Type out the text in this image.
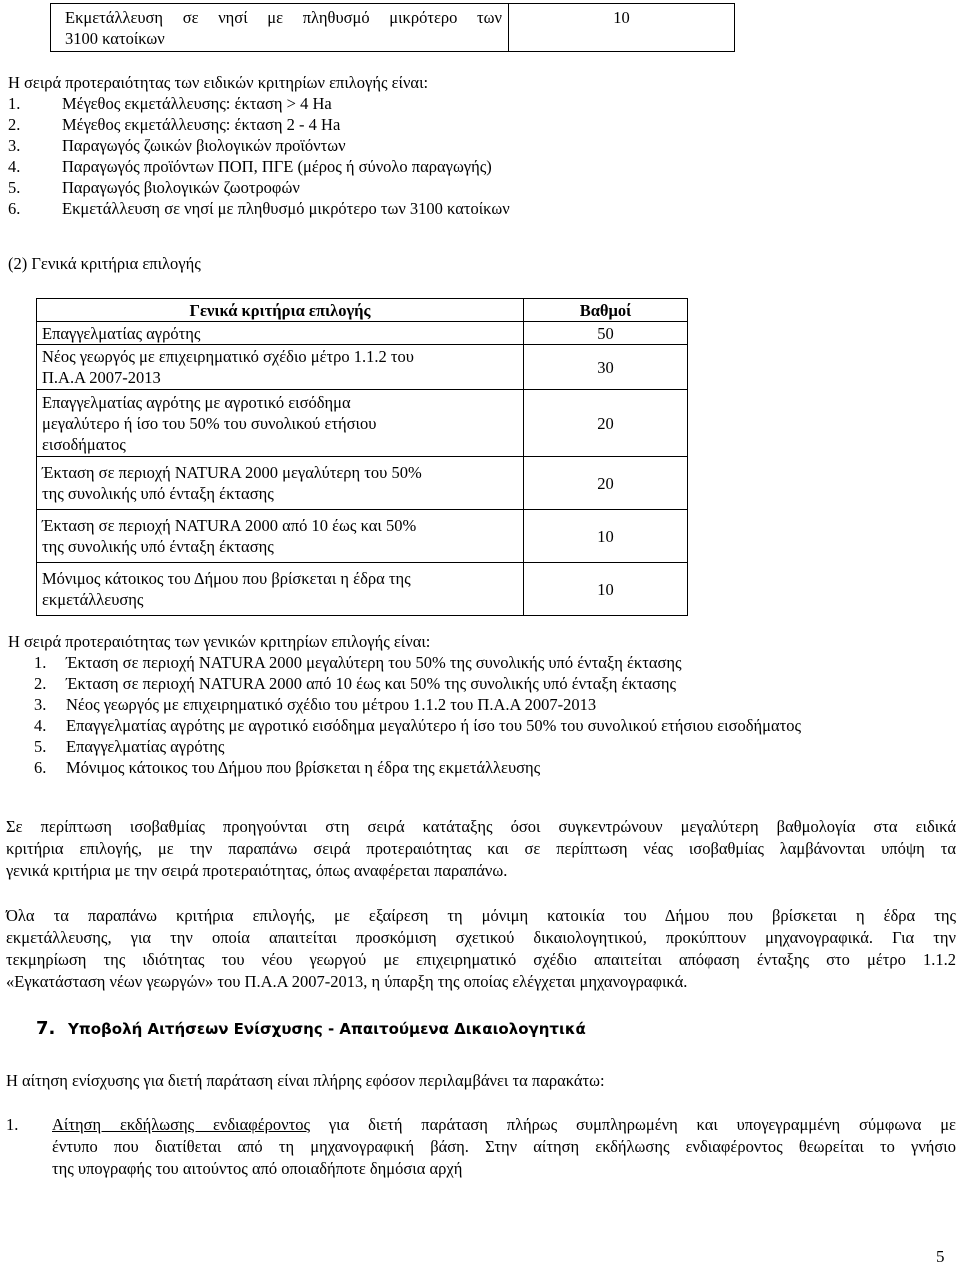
Εκμετάλλευση σε νησί με πληθυσμό μικρότερο των
3100 κατοίκων
	10
Η σειρά προτεραιότητας των ειδικών κριτηρίων επιλογής είναι:
1.	Μέγεθος εκμετάλλευσης: έκταση > 4 Ha
2.	Μέγεθος εκμετάλλευσης: έκταση 2 - 4 Ha
3.	Παραγωγός ζωικών βιολογικών προϊόντων
4.	Παραγωγός προϊόντων ΠΟΠ, ΠΓΕ (μέρος ή σύνολο παραγωγής)
5.	Παραγωγός βιολογικών ζωοτροφών
6.	Εκμετάλλευση σε νησί με πληθυσμό μικρότερο των 3100 κατοίκων
(2) Γενικά κριτήρια επιλογής
Γενικά κριτήρια επιλογής	Βαθμοί

Επαγγελματίας αγρότης	50

Νέος γεωργός με επιχειρηματικό σχέδιο μέτρο 1.1.2 του
Π.Α.Α 2007-2013	30

Επαγγελματίας αγρότης με αγροτικό εισόδημα
μεγαλύτερο ή ίσο του 50% του συνολικού ετήσιου
εισοδήματος	20

Έκταση σε περιοχή NATURA 2000 μεγαλύτερη του 50%
της συνολικής υπό ένταξη έκτασης	20

Έκταση σε περιοχή NATURA 2000 από 10 έως και 50%
της συνολικής υπό ένταξη έκτασης	10

Μόνιμος κάτοικος του Δήμου που βρίσκεται η έδρα της
εκμετάλλευσης	10
Η σειρά προτεραιότητας των γενικών κριτηρίων επιλογής είναι:
1.	Έκταση σε περιοχή NATURA 2000 μεγαλύτερη του 50% της συνολικής υπό ένταξη έκτασης
2.	Έκταση σε περιοχή NATURA 2000 από 10 έως και 50% της συνολικής υπό ένταξη έκτασης
3.	Νέος γεωργός με επιχειρηματικό σχέδιο του μέτρου 1.1.2 του Π.Α.Α 2007-2013
4.	Επαγγελματίας αγρότης με αγροτικό εισόδημα μεγαλύτερο ή ίσο του 50% του συνολικού ετήσιου εισοδήματος
5.	Επαγγελματίας αγρότης
6.	Μόνιμος κάτοικος του Δήμου που βρίσκεται η έδρα της εκμετάλλευσης
Σε περίπτωση ισοβαθμίας προηγούνται στη σειρά κατάταξης όσοι συγκεντρώνουν μεγαλύτερη βαθμολογία στα ειδικά
κριτήρια επιλογής, με την παραπάνω σειρά προτεραιότητας και σε περίπτωση νέας ισοβαθμίας λαμβάνονται υπόψη τα
γενικά κριτήρια με την σειρά προτεραιότητας, όπως αναφέρεται παραπάνω.
Όλα τα παραπάνω κριτήρια επιλογής, με εξαίρεση τη μόνιμη κατοικία του Δήμου που βρίσκεται η έδρα της
εκμετάλλευσης, για την οποία απαιτείται προσκόμιση σχετικού δικαιολογητικού, προκύπτουν μηχανογραφικά. Για την
τεκμηρίωση της ιδιότητας του νέου γεωργού με επιχειρηματικό σχέδιο απαιτείται απόφαση ένταξης στο μέτρο 1.1.2
«Εγκατάσταση νέων γεωργών» του Π.Α.Α 2007-2013, η ύπαρξη της οποίας ελέγχεται μηχανογραφικά.
7. Υποβολή Αιτήσεων Ενίσχυσης - Απαιτούμενα Δικαιολογητικά
Η αίτηση ενίσχυσης για διετή παράταση είναι πλήρης εφόσον περιλαμβάνει τα παρακάτω:
1.	Αίτηση εκδήλωσης ενδιαφέροντος για διετή παράταση πλήρως συμπληρωμένη και υπογεγραμμένη σύμφωνα με
έντυπο που διατίθεται από τη μηχανογραφική βάση. Στην αίτηση εκδήλωσης ενδιαφέροντος θεωρείται το γνήσιο
της υπογραφής του αιτούντος από οποιαδήποτε δημόσια αρχή
5
